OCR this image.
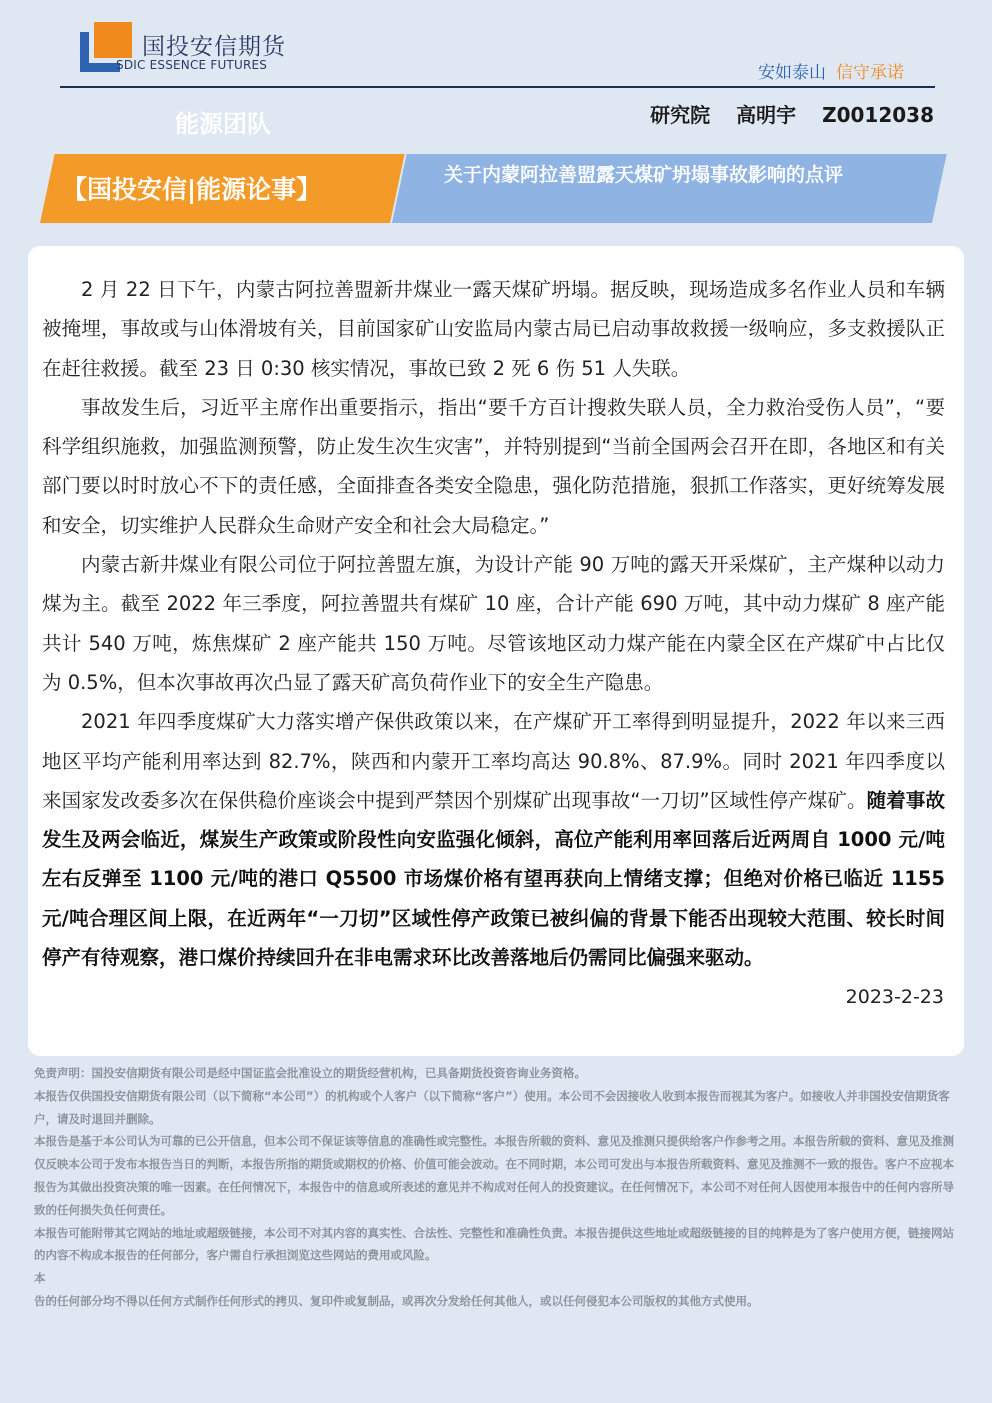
国投安信期货
SDIC ESSENCE FUTURES	安如泰山 信守承诺
能源团队	研究院 高明宇 Z0012038
【国投安信|能源论事】	关于内蒙阿拉善盟露天煤矿坍塌事故影响的点评

2 月 22 日下午，内蒙古阿拉善盟新井煤业一露天煤矿坍塌。据反映，现场造成多名作业人员和车辆被掩埋，事故或与山体滑坡有关，目前国家矿山安监局内蒙古局已启动事故救援一级响应，多支救援队正在赶往救援。截至 23 日 0:30 核实情况，事故已致 2 死 6 伤 51 人失联。

事故发生后，习近平主席作出重要指示，指出“要千方百计搜救失联人员，全力救治受伤人员”，“要科学组织施救，加强监测预警，防止发生次生灾害”，并特别提到“当前全国两会召开在即，各地区和有关部门要以时时放心不下的责任感，全面排查各类安全隐患，强化防范措施，狠抓工作落实，更好统筹发展和安全，切实维护人民群众生命财产安全和社会大局稳定。”

内蒙古新井煤业有限公司位于阿拉善盟左旗，为设计产能 90 万吨的露天开采煤矿，主产煤种以动力煤为主。截至 2022 年三季度，阿拉善盟共有煤矿 10 座，合计产能 690 万吨，其中动力煤矿 8 座产能共计 540 万吨，炼焦煤矿 2 座产能共 150 万吨。尽管该地区动力煤产能在内蒙全区在产煤矿中占比仅为 0.5%，但本次事故再次凸显了露天矿高负荷作业下的安全生产隐患。

2021 年四季度煤矿大力落实增产保供政策以来，在产煤矿开工率得到明显提升，2022 年以来三西地区平均产能利用率达到 82.7%，陕西和内蒙开工率均高达 90.8%、87.9%。同时 2021 年四季度以来国家发改委多次在保供稳价座谈会中提到严禁因个别煤矿出现事故“一刀切”区域性停产煤矿。随着事故发生及两会临近，煤炭生产政策或阶段性向安监强化倾斜，高位产能利用率回落后近两周自 1000 元/吨左右反弹至 1100 元/吨的港口 Q5500 市场煤价格有望再获向上情绪支撑；但绝对价格已临近 1155 元/吨合理区间上限，在近两年“一刀切”区域性停产政策已被纠偏的背景下能否出现较大范围、较长时间停产有待观察，港口煤价持续回升在非电需求环比改善落地后仍需同比偏强来驱动。

2023-2-23

免责声明：国投安信期货有限公司是经中国证监会批准设立的期货经营机构，已具备期货投资咨询业务资格。

本报告仅供国投安信期货有限公司（以下简称“本公司”）的机构或个人客户（以下简称“客户”）使用。本公司不会因接收人收到本报告而视其为客户。如接收人并非国投安信期货客户，请及时退回并删除。

本报告是基于本公司认为可靠的已公开信息，但本公司不保证该等信息的准确性或完整性。本报告所载的资料、意见及推测只提供给客户作参考之用。本报告所载的资料、意见及推测仅反映本公司于发布本报告当日的判断，本报告所指的期货或期权的价格、价值可能会波动。在不同时期，本公司可发出与本报告所载资料、意见及推测不一致的报告。客户不应视本报告为其做出投资决策的唯一因素。在任何情况下，本报告中的信息或所表述的意见并不构成对任何人的投资建议。在任何情况下，本公司不对任何人因使用本报告中的任何内容所导致的任何损失负任何责任。

本报告可能附带其它网站的地址或超级链接，本公司不对其内容的真实性、合法性、完整性和准确性负责。本报告提供这些地址或超级链接的目的纯粹是为了客户使用方便，链接网站的内容不构成本报告的任何部分，客户需自行承担浏览这些网站的费用或风险。

本

告的任何部分均不得以任何方式制作任何形式的拷贝、复印件或复制品，或再次分发给任何其他人，或以任何侵犯本公司版权的其他方式使用。
